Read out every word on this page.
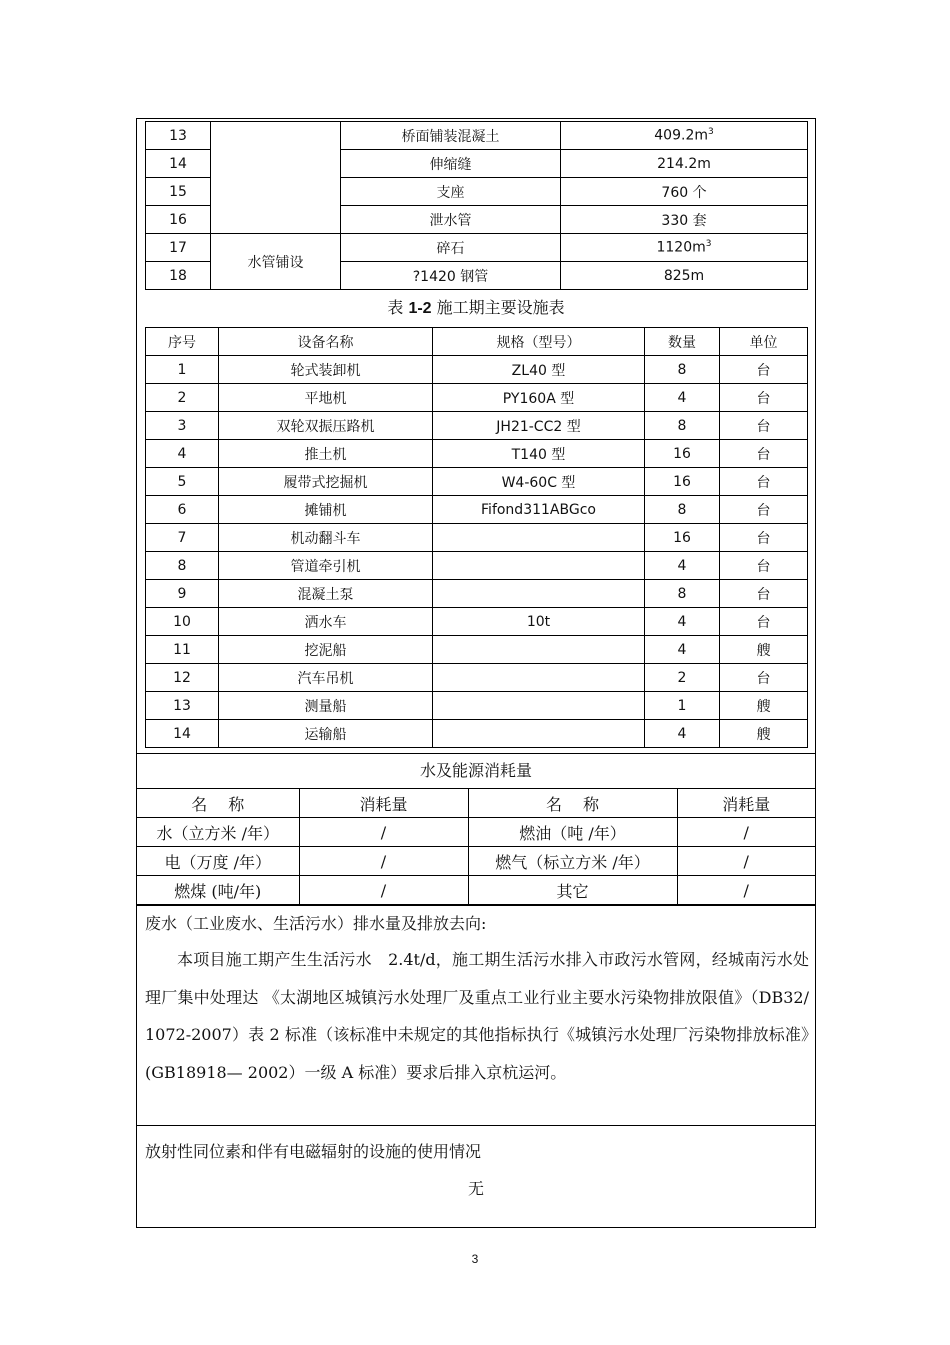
13		桥面铺装混凝土	$409.2m^3$
14		伸缩缝	214.2m
15		支座	760 个
16		泄水管	330 套
17	水管铺设	碎石	$1120m^3$
18		?1420 钢管	825m
表 1-2 施工期主要设施表
序号	设备名称	规格（型号）	数量	单位
1	轮式装卸机	ZL40 型	8	台
2	平地机	PY160A 型	4	台
3	双轮双振压路机	JH21-CC2 型	8	台
4	推土机	T140 型	16	台
5	履带式挖掘机	W4-60C 型	16	台
6	摊铺机	Fifond311ABGco	8	台
7	机动翻斗车		16	台
8	管道牵引机		4	台
9	混凝土泵		8	台
10	洒水车	10t	4	台
11	挖泥船		4	艘
12	汽车吊机		2	台
13	测量船		1	艘
14	运输船		4	艘
水及能源消耗量
名　 称	消耗量	名　 称	消耗量
水（立方米 /年）	/	燃油（吨 /年）	/
电（万度 /年）	/	燃气（标立方米 /年）	/
燃煤 (吨/年)	/	其它	/
废水（工业废水、生活污水）排水量及排放去向:
本项目施工期产生生活污水　2.4t/d，施工期生活污水排入市政污水管网，经城南污水处理厂集中处理达 《太湖地区城镇污水处理厂及重点工业行业主要水污染物排放限值》（DB32/1072-2007）表 2 标准（该标准中未规定的其他指标执行《城镇污水处理厂污染物排放标准》　(GB18918— 2002）一级 A 标准）要求后排入京杭运河。
放射性同位素和伴有电磁辐射的设施的使用情况
无
3
